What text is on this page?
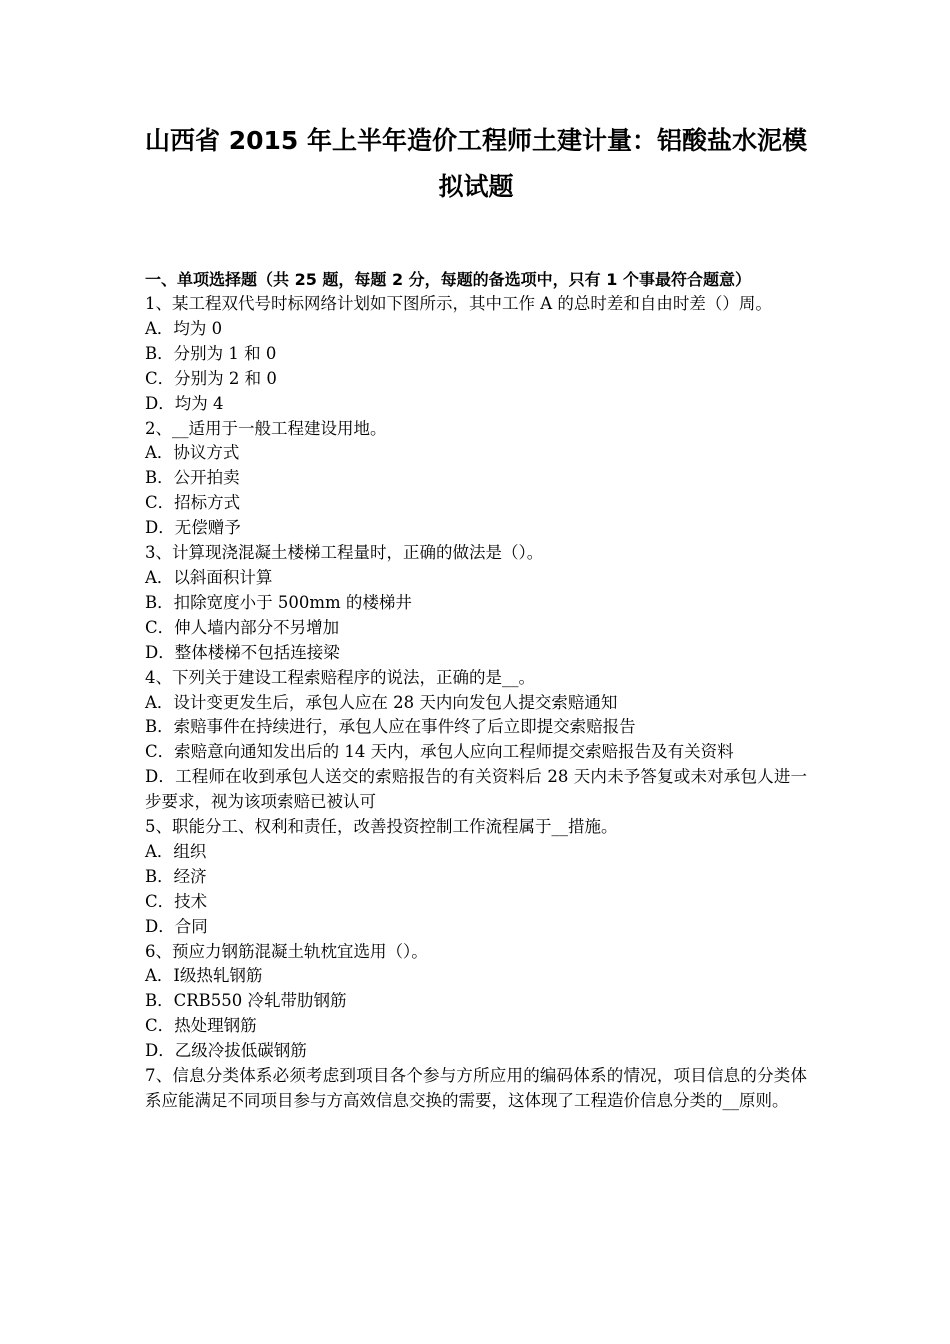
山西省 2015 年上半年造价工程师土建计量：铝酸盐水泥模
拟试题
一、单项选择题（共 25 题，每题 2 分，每题的备选项中，只有 1 个事最符合题意）
1、某工程双代号时标网络计划如下图所示，其中工作 A 的总时差和自由时差（）周。
A．均为 0
B．分别为 1 和 0
C．分别为 2 和 0
D．均为 4
2、__适用于一般工程建设用地。
A．协议方式
B．公开拍卖
C．招标方式
D．无偿赠予
3、计算现浇混凝土楼梯工程量时，正确的做法是（）。
A．以斜面积计算
B．扣除宽度小于 500mm 的楼梯井
C．伸人墙内部分不另增加
D．整体楼梯不包括连接梁
4、下列关于建设工程索赔程序的说法，正确的是__。
A．设计变更发生后，承包人应在 28 天内向发包人提交索赔通知
B．索赔事件在持续进行，承包人应在事件终了后立即提交索赔报告
C．索赔意向通知发出后的 14 天内，承包人应向工程师提交索赔报告及有关资料
D．工程师在收到承包人送交的索赔报告的有关资料后 28 天内未予答复或未对承包人进一步要求，视为该项索赔已被认可
5、职能分工、权利和责任，改善投资控制工作流程属于__措施。
A．组织
B．经济
C．技术
D．合同
6、预应力钢筋混凝土轨枕宜选用（）。
A．Ⅰ级热轧钢筋
B．CRB550 冷轧带肋钢筋
C．热处理钢筋
D．乙级冷拔低碳钢筋
7、信息分类体系必须考虑到项目各个参与方所应用的编码体系的情况，项目信息的分类体系应能满足不同项目参与方高效信息交换的需要，这体现了工程造价信息分类的__原则。
